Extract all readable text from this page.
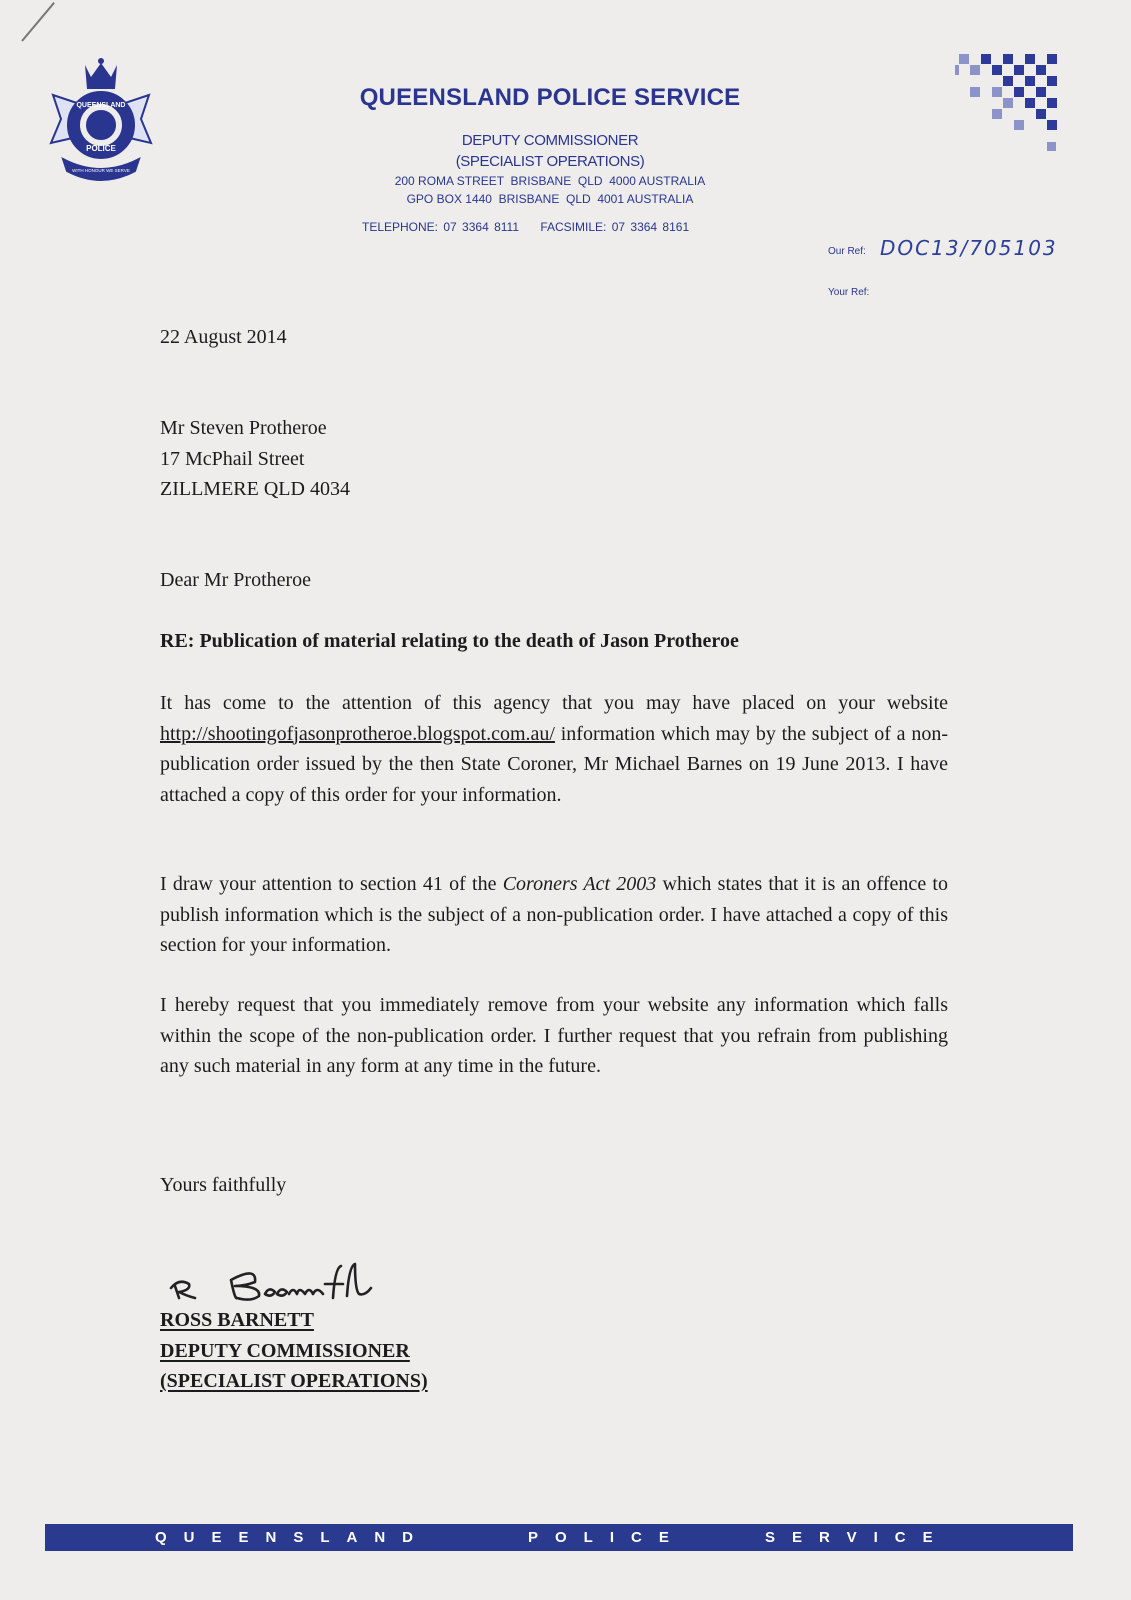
QUEENSLAND
POLICE
WITH HONOUR WE SERVE
QUEENSLAND POLICE SERVICE
DEPUTY COMMISSIONER
(SPECIALIST OPERATIONS)
200 ROMA STREET  BRISBANE  QLD  4000 AUSTRALIA
GPO BOX 1440  BRISBANE  QLD  4001 AUSTRALIA
TELEPHONE: 07 3364 8111 FACSIMILE: 07 3364 8161
Our Ref: DOC13/705103
Your Ref:
22 August 2014
Mr Steven Protheroe
17 McPhail Street
ZILLMERE QLD 4034
Dear Mr Protheroe
RE: Publication of material relating to the death of Jason Protheroe
It has come to the attention of this agency that you may have placed on your website http://shootingofjasonprotheroe.blogspot.com.au/ information which may by the subject of a non-publication order issued by the then State Coroner, Mr Michael Barnes on 19 June 2013. I have attached a copy of this order for your information.
I draw your attention to section 41 of the Coroners Act 2003 which states that it is an offence to publish information which is the subject of a non-publication order. I have attached a copy of this section for your information.
I hereby request that you immediately remove from your website any information which falls within the scope of the non-publication order. I further request that you refrain from publishing any such material in any form at any time in the future.
Yours faithfully
ROSS BARNETT
DEPUTY COMMISSIONER
(SPECIALIST OPERATIONS)
QUEENSLAND	POLICE	SERVICE
